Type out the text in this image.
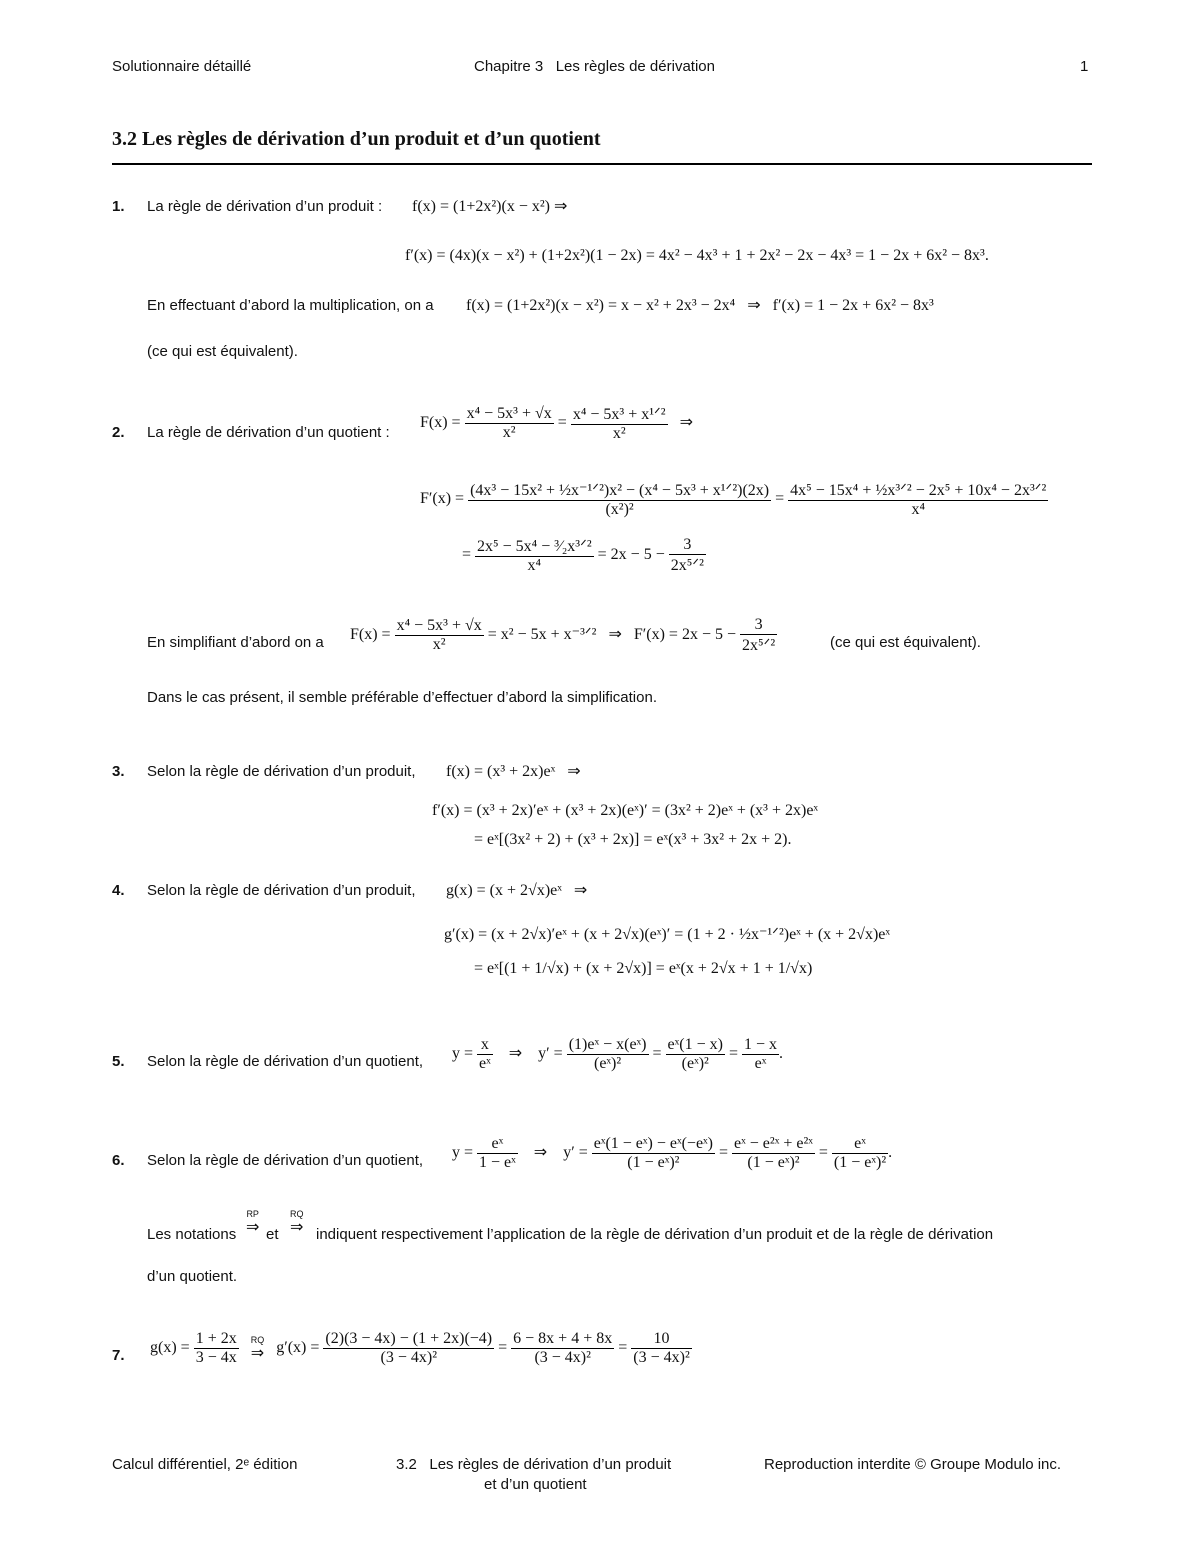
Solutionnaire détaillé	Chapitre 3   Les règles de dérivation	1
3.2 Les règles de dérivation d’un produit et d’un quotient
1. La règle de dérivation d’un produit : f(x) = (1+2x²)(x − x²) ⇒
f′(x) = (4x)(x − x²) + (1+2x²)(1 − 2x) = 4x² − 4x³ + 1 + 2x² − 2x − 4x³ = 1 − 2x + 6x² − 8x³.
En effectuant d’abord la multiplication, on a f(x) = (1+2x²)(x − x²) = x − x² + 2x³ − 2x⁴   ⇒   f′(x) = 1 − 2x + 6x² − 8x³
(ce qui est équivalent).
2. La règle de dérivation d’un quotient :
$F(x) = \frac{\text{x⁴ − 5x³ + √x}}{\text{x²}} = \frac{\text{x⁴ − 5x³ + x¹ᐟ²}}{\text{x²}}$ ⇒
$F'(x) = \frac{\text{(4x³ − 15x² + ½x⁻¹ᐟ²)x² − (x⁴ − 5x³ + x¹ᐟ²)(2x)}}{\text{(x²)²}} = \frac{\text{4x⁵ − 15x⁴ + ½x³ᐟ² − 2x⁵ + 10x⁴ − 2x³ᐟ²}}{\text{x⁴}}$
= $\frac{\text{2x⁵ − 5x⁴ − ³⁄₂x³ᐟ²}}{\text{x⁴}} = 2x - 5 - \frac{3}{\text{2x⁵ᐟ²}}$
En simplifiant d’abord on a $F(x) = \frac{\text{x⁴ − 5x³ + √x}}{\text{x²}} = x^2 - 5x$ + x⁻³ᐟ²   ⇒   $F'(x) = 2x - 5 - \frac{3}{\text{2x⁵ᐟ²}}$	(ce qui est équivalent).
Dans le cas présent, il semble préférable d’effectuer d’abord la simplification.
3. Selon la règle de dérivation d’un produit, f(x) = (x³ + 2x)eˣ   ⇒
f′(x) = (x³ + 2x)′eˣ + (x³ + 2x)(eˣ)′ = (3x² + 2)eˣ + (x³ + 2x)eˣ
= eˣ[(3x² + 2) + (x³ + 2x)] = eˣ(x³ + 3x² + 2x + 2).
4. Selon la règle de dérivation d’un produit, g(x) = (x + 2√x)eˣ   ⇒
g′(x) = (x + 2√x)′eˣ + (x + 2√x)(eˣ)′ = (1 + 2 · ½x⁻¹ᐟ²)eˣ + (x + 2√x)eˣ
= eˣ[(1 + 1/√x) + (x + 2√x)] = eˣ(x + 2√x + 1 + 1/√x)
5. Selon la règle de dérivation d’un quotient, $y = \frac{x}{\text{eˣ}}$ ⇒ $y' = \frac{\text{(1)eˣ − x(eˣ)}}{\text{(eˣ)²}} = \frac{\text{eˣ(1 − x)}}{\text{(eˣ)²}} = \frac{1 - x}{\text{eˣ}}$ .
6. Selon la règle de dérivation d’un quotient, $y = \frac{\text{eˣ}}{\text{1 − eˣ}}$ ⇒ $y' = \frac{\text{eˣ(1 − eˣ) − eˣ(−eˣ)}}{\text{(1 − eˣ)²}} = \frac{\text{eˣ − e²ˣ + e²ˣ}}{\text{(1 − eˣ)²}} = \frac{\text{eˣ}}{\text{(1 − eˣ)²}}$ .
Les notations
RP
⇒ et
RQ
⇒ indiquent respectivement l’application de la règle de dérivation d’un produit et de la règle de dérivation
d’un quotient.
7. $g(x) = \frac{1 + 2x}{3 - 4x}$
RQ
⇒ $g'(x) = \frac{(2)(3 - 4x) - (1 + 2x)(-4)}{\text{(3 − 4x)²}} = \frac{6 - 8x + 4 + 8x}{\text{(3 − 4x)²}} = \frac{10}{\text{(3 − 4x)²}}$
Calcul différentiel, 2ᵉ édition	3.2   Les règles de dérivation d’un produit
et d’un quotient
Reproduction interdite © Groupe Modulo inc.
